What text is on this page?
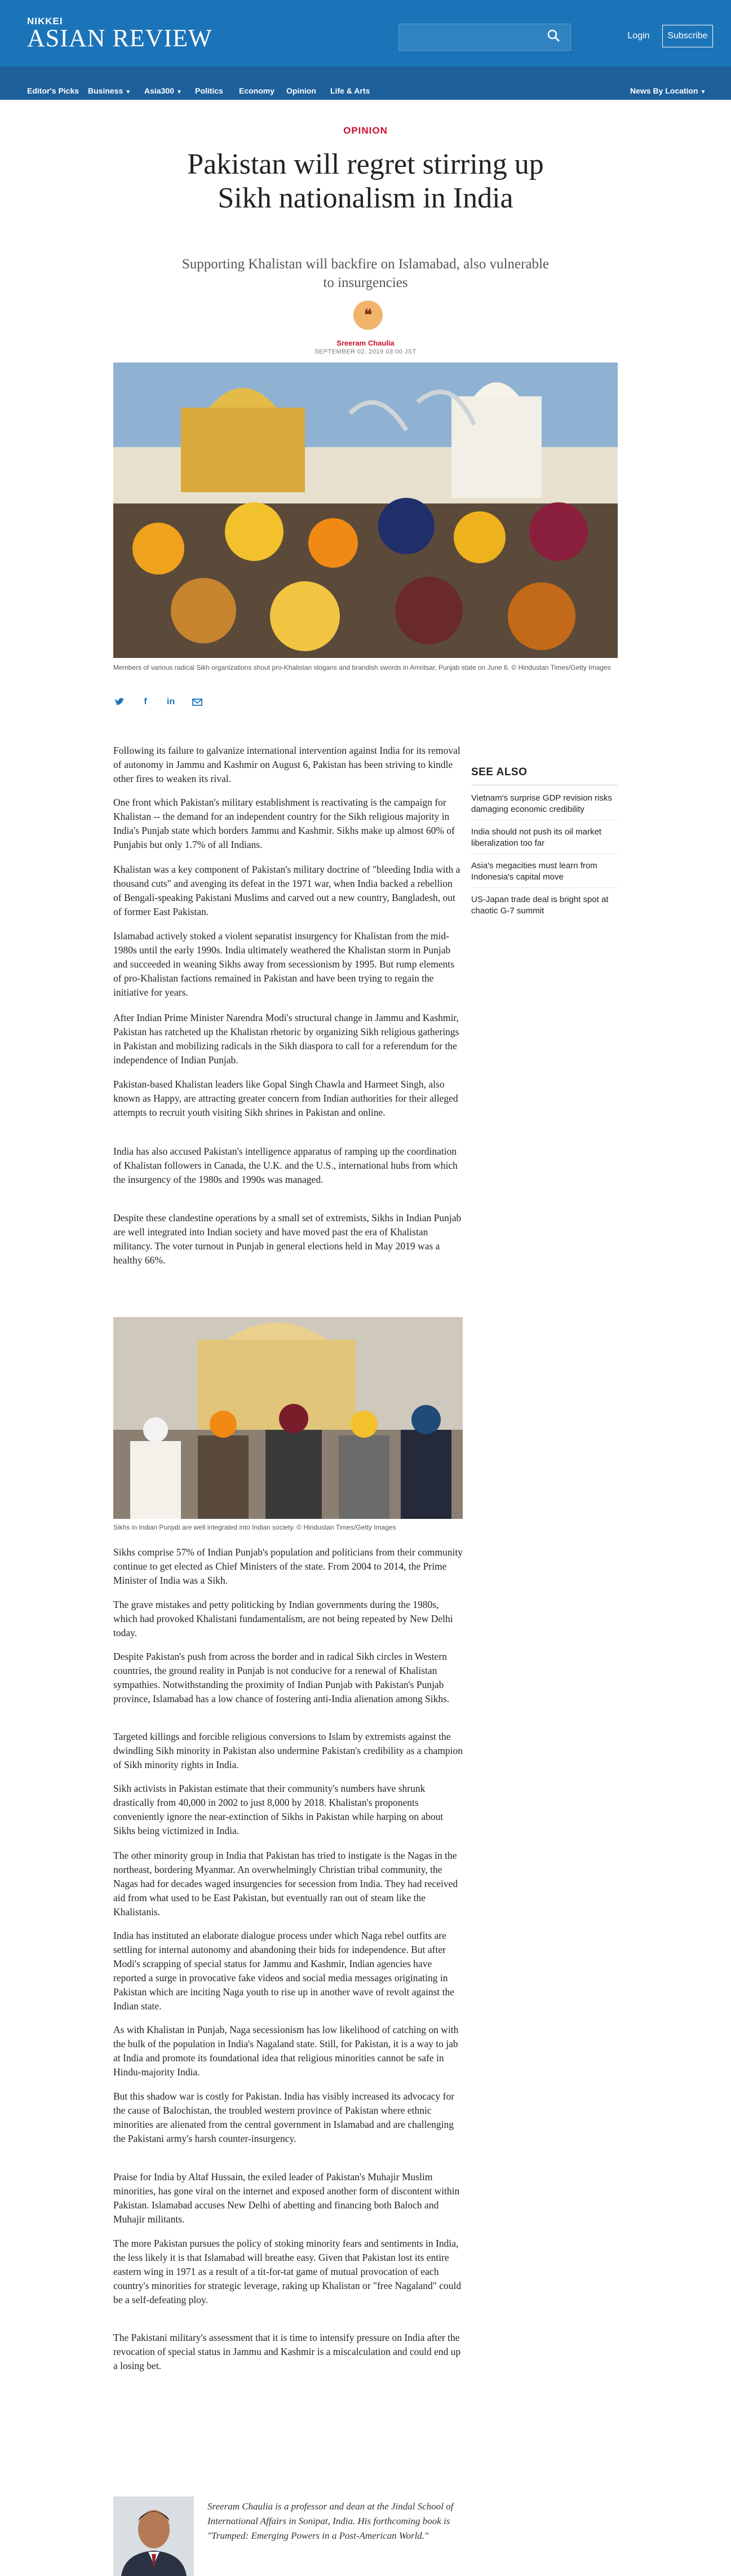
NIKKEI
ASIAN REVIEW	Login	Subscribe
Editor's Picks Business ▼ Asia300 ▼ Politics Economy Opinion Life & Arts	News By Location ▼
OPINION
Pakistan will regret stirring up Sikh nationalism in India

Supporting Khalistan will backfire on Islamabad, also vulnerable to insurgencies

❝
Sreeram Chaulia
SEPTEMBER 02, 2019 03:00 JST
Members of various radical Sikh organizations shout pro-Khalistan slogans and brandish swords in Amritsar, Punjab state on June 6. © Hindustan Times/Getty Images
f	in

Following its failure to galvanize international intervention against India for its removal of autonomy in Jammu and Kashmir on August 6, Pakistan has been striving to kindle other fires to weaken its rival.

One front which Pakistan's military establishment is reactivating is the campaign for Khalistan -- the demand for an independent country for the Sikh religious majority in India's Punjab state which borders Jammu and Kashmir. Sikhs make up almost 60% of Punjabis but only 1.7% of all Indians.

Khalistan was a key component of Pakistan's military doctrine of "bleeding India with a thousand cuts" and avenging its defeat in the 1971 war, when India backed a rebellion of Bengali-speaking Pakistani Muslims and carved out a new country, Bangladesh, out of former East Pakistan.

Islamabad actively stoked a violent separatist insurgency for Khalistan from the mid-1980s until the early 1990s. India ultimately weathered the Khalistan storm in Punjab and succeeded in weaning Sikhs away from secessionism by 1995. But rump elements of pro-Khalistan factions remained in Pakistan and have been trying to regain the initiative for years.

After Indian Prime Minister Narendra Modi's structural change in Jammu and Kashmir, Pakistan has ratcheted up the Khalistan rhetoric by organizing Sikh religious gatherings in Pakistan and mobilizing radicals in the Sikh diaspora to call for a referendum for the independence of Indian Punjab.

Pakistan-based Khalistan leaders like Gopal Singh Chawla and Harmeet Singh, also known as Happy, are attracting greater concern from Indian authorities for their alleged attempts to recruit youth visiting Sikh shrines in Pakistan and online.

India has also accused Pakistan's intelligence apparatus of ramping up the coordination of Khalistan followers in Canada, the U.K. and the U.S., international hubs from which the insurgency of the 1980s and 1990s was managed.

Despite these clandestine operations by a small set of extremists, Sikhs in Indian Punjab are well integrated into Indian society and have moved past the era of Khalistan militancy. The voter turnout in Punjab in general elections held in May 2019 was a healthy 66%.

Sikhs in Indian Punjab are well integrated into Indian society. © Hindustan Times/Getty Images

Sikhs comprise 57% of Indian Punjab's population and politicians from their community continue to get elected as Chief Ministers of the state. From 2004 to 2014, the Prime Minister of India was a Sikh.

The grave mistakes and petty politicking by Indian governments during the 1980s, which had provoked Khalistani fundamentalism, are not being repeated by New Delhi today.

Despite Pakistan's push from across the border and in radical Sikh circles in Western countries, the ground reality in Punjab is not conducive for a renewal of Khalistan sympathies. Notwithstanding the proximity of Indian Punjab with Pakistan's Punjab province, Islamabad has a low chance of fostering anti-India alienation among Sikhs.

Targeted killings and forcible religious conversions to Islam by extremists against the dwindling Sikh minority in Pakistan also undermine Pakistan's credibility as a champion of Sikh minority rights in India.

Sikh activists in Pakistan estimate that their community's numbers have shrunk drastically from 40,000 in 2002 to just 8,000 by 2018. Khalistan's proponents conveniently ignore the near-extinction of Sikhs in Pakistan while harping on about Sikhs being victimized in India.

The other minority group in India that Pakistan has tried to instigate is the Nagas in the northeast, bordering Myanmar. An overwhelmingly Christian tribal community, the Nagas had for decades waged insurgencies for secession from India. They had received aid from what used to be East Pakistan, but eventually ran out of steam like the Khalistanis.

India has instituted an elaborate dialogue process under which Naga rebel outfits are settling for internal autonomy and abandoning their bids for independence. But after Modi's scrapping of special status for Jammu and Kashmir, Indian agencies have reported a surge in provocative fake videos and social media messages originating in Pakistan which are inciting Naga youth to rise up in another wave of revolt against the Indian state.

As with Khalistan in Punjab, Naga secessionism has low likelihood of catching on with the bulk of the population in India's Nagaland state. Still, for Pakistan, it is a way to jab at India and promote its foundational idea that religious minorities cannot be safe in Hindu-majority India.

But this shadow war is costly for Pakistan. India has visibly increased its advocacy for the cause of Balochistan, the troubled western province of Pakistan where ethnic minorities are alienated from the central government in Islamabad and are challenging the Pakistani army's harsh counter-insurgency.

Praise for India by Altaf Hussain, the exiled leader of Pakistan's Muhajir Muslim minorities, has gone viral on the internet and exposed another form of discontent within Pakistan. Islamabad accuses New Delhi of abetting and financing both Baloch and Muhajir militants.

The more Pakistan pursues the policy of stoking minority fears and sentiments in India, the less likely it is that Islamabad will breathe easy. Given that Pakistan lost its entire eastern wing in 1971 as a result of a tit-for-tat game of mutual provocation of each country's minorities for strategic leverage, raking up Khalistan or "free Nagaland" could be a self-defeating ploy.

The Pakistani military's assessment that it is time to intensify pressure on India after the revocation of special status in Jammu and Kashmir is a miscalculation and could end up a losing bet.

SEE ALSO
Vietnam's surprise GDP revision risks damaging economic credibility
India should not push its oil market liberalization too far
Asia's megacities must learn from Indonesia's capital move
US-Japan trade deal is bright spot at chaotic G-7 summit

Sreeram Chaulia is a professor and dean at the Jindal School of International Affairs in Sonipat, India. His forthcoming book is "Trumped: Emerging Powers in a Post-American World."
